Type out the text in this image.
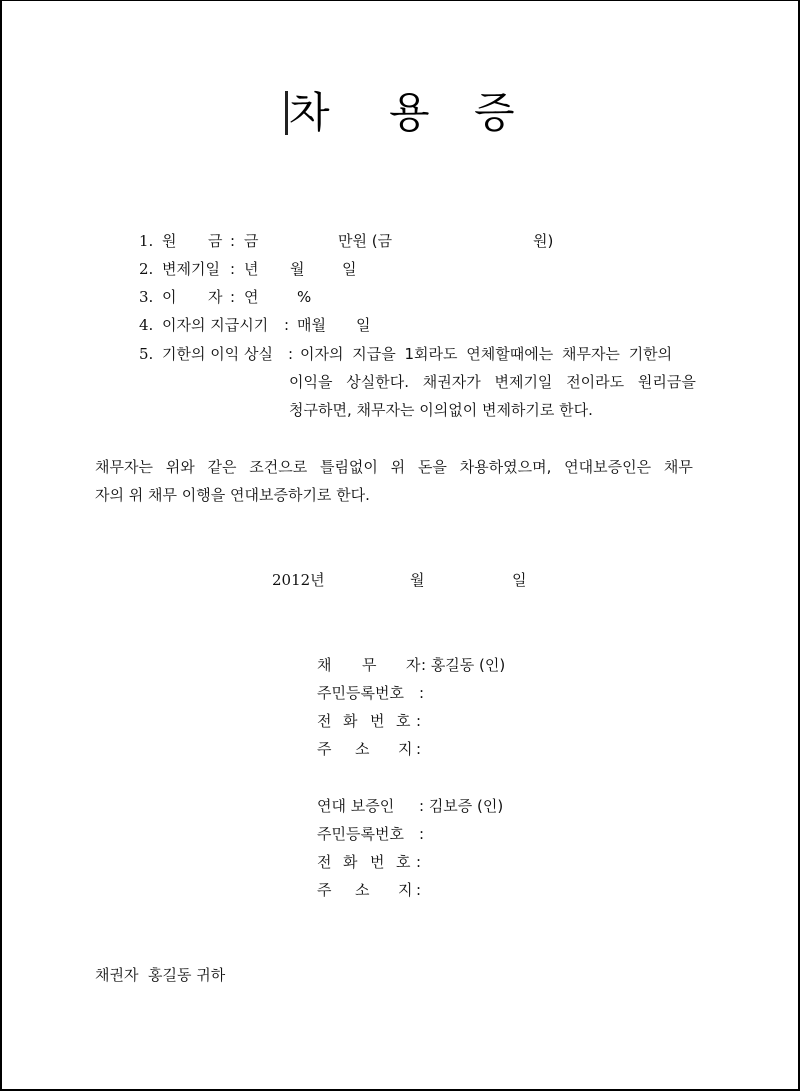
차 용 증
1. 원 금 : 금	만원 (금	원)
2. 변제기일 : 년 월	일
3. 이 자 : 연	%
4. 이자의 지급시기 : 매월 일
5. 기한의 이익 상실 : 이자의 지급을 1회라도 연체할때에는 채무자는 기한의
이익을 상실한다. 채권자가 변제기일 전이라도 원리금을
청구하면, 채무자는 이의없이 변제하기로 한다.
채무자는 위와 같은 조건으로 틀림없이 위 돈을 차용하였으며, 연대보증인은 채무
자의 위 채무 이행을 연대보증하기로 한다.
2012년	월	일
채 무 자 : 홍길동 (인)
주민등록번호 :
전 화 번 호 :
주 소 지 :
연대 보증인 : 김보증 (인)
주민등록번호 :
전 화 번 호 :
주 소 지 :
채권자  홍길동 귀하
